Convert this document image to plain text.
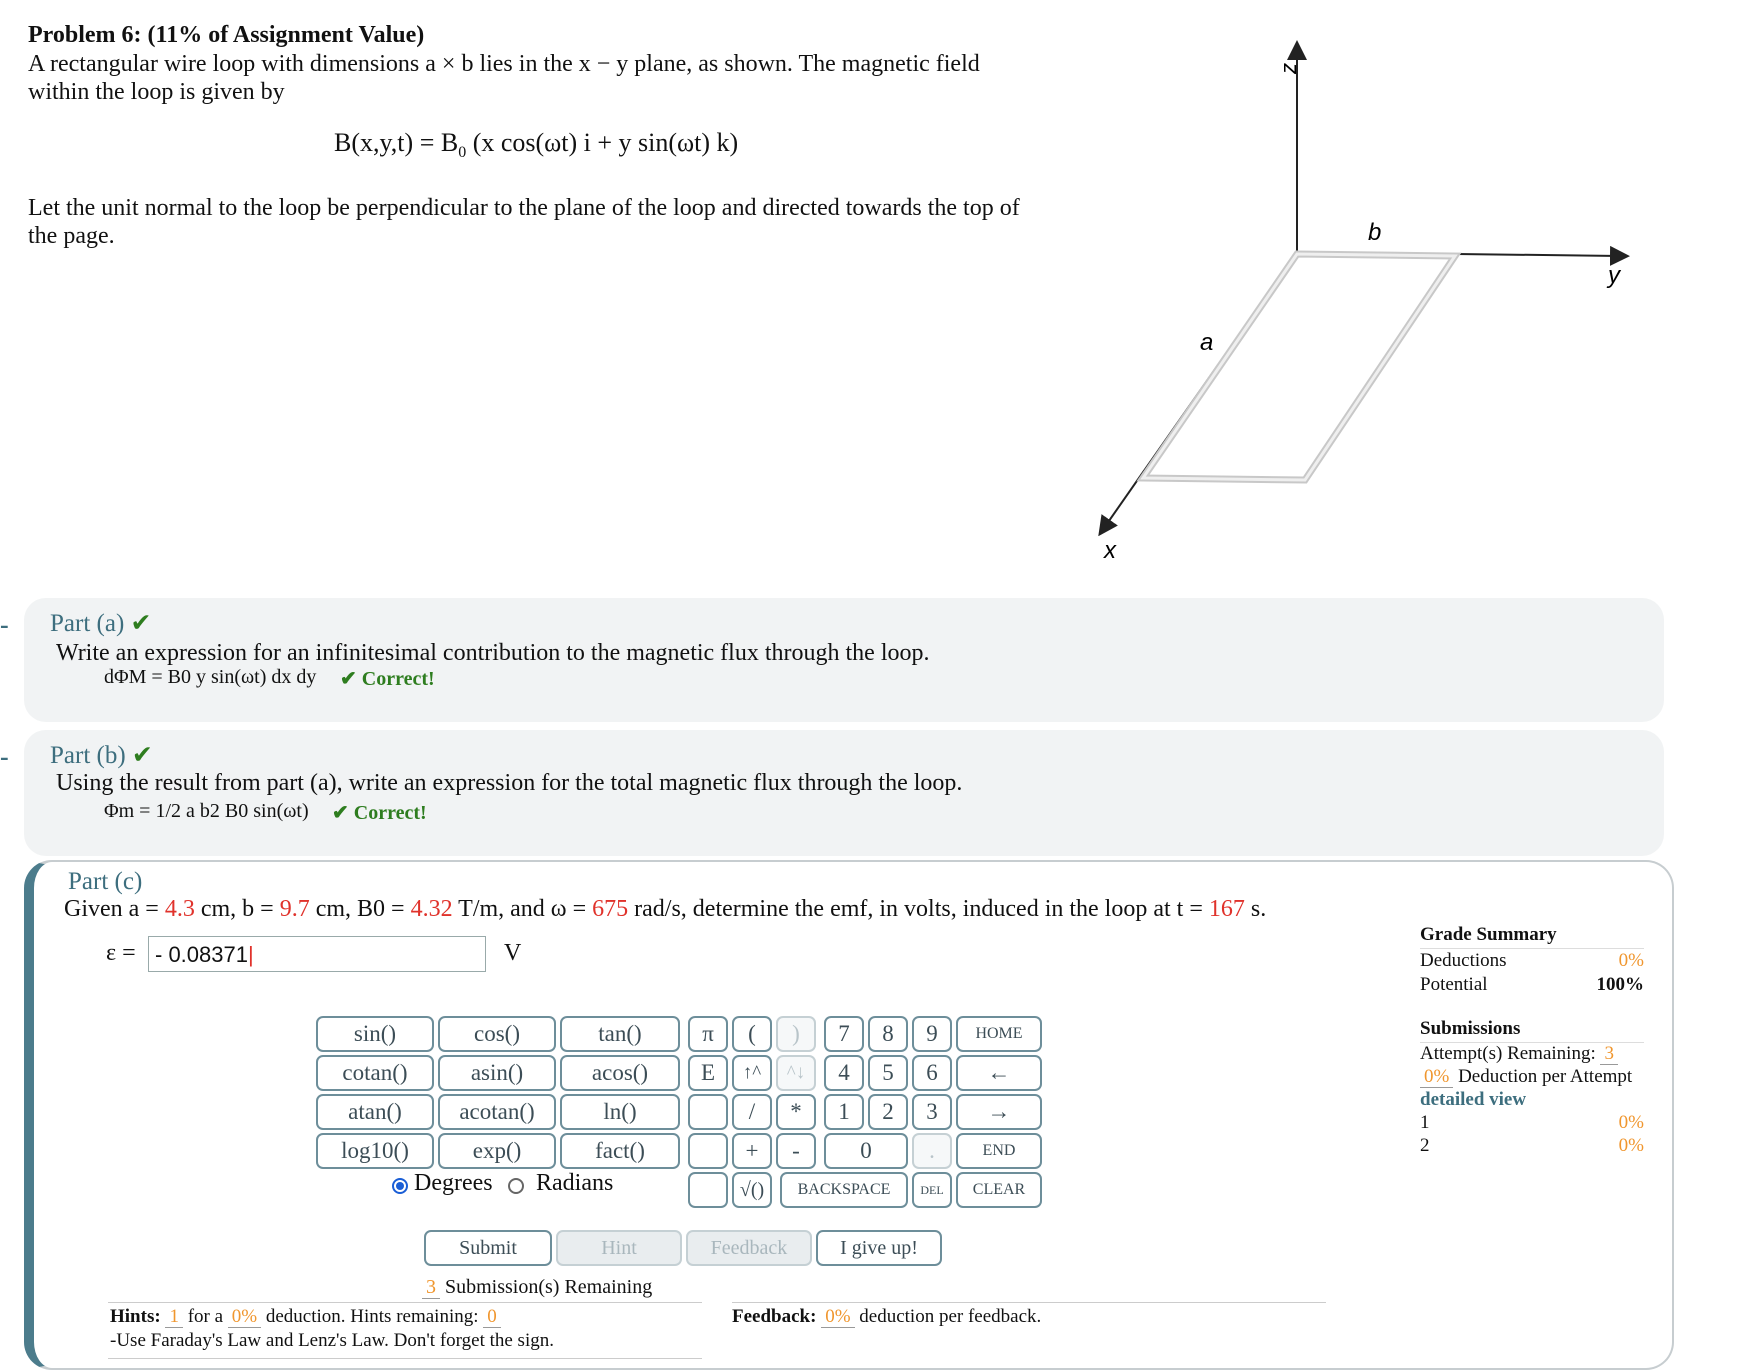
Problem 6: (11% of Assignment Value)
A rectangular wire loop with dimensions a × b lies in the x − y plane, as shown. The magnetic field within the loop is given by
$B(x,y,t) = B_0$ (x cos(ωt) i + y sin(ωt) k)
Let the unit normal to the loop be perpendicular to the plane of the loop and directed towards the top of the page.
z
y
x
a
b
- Part (a) ✔
Write an expression for an infinitesimal contribution to the magnetic flux through the loop.
dΦM = B0 y sin(ωt) dx dy ✔ Correct!
- Part (b) ✔
Using the result from part (a), write an expression for the total magnetic flux through the loop.
Φm = 1/2 a b2 B0 sin(ωt) ✔ Correct!
Part (c)
Given a = 4.3 cm, b = 9.7 cm, B0 = 4.32 T/m, and ω = 675 rad/s, determine the emf, in volts, induced in the loop at t = 167 s.
ε = - 0.08371|	V
sin()	cos()	tan()
cotan()	asin()	acos()
atan()	acotan()	ln()
log10()	exp()	fact()
Degrees Radians
π	(	)
E	↑^	^↓
/	*
+	-
√()
7	8	9
4	5	6
1	2	3
0	.
BACKSPACE	DEL
HOME
←
→
END
CLEAR
Submit	Hint	Feedback	I give up!
3 Submission(s) Remaining
Hints: 1 for a 0% deduction. Hints remaining: 0
-Use Faraday's Law and Lenz's Law. Don't forget the sign.
Feedback: 0% deduction per feedback.
Grade Summary
Deductions	0%
Potential	100%
Submissions
Attempt(s) Remaining: 3
0% Deduction per Attempt
detailed view
1	0%
2	0%
